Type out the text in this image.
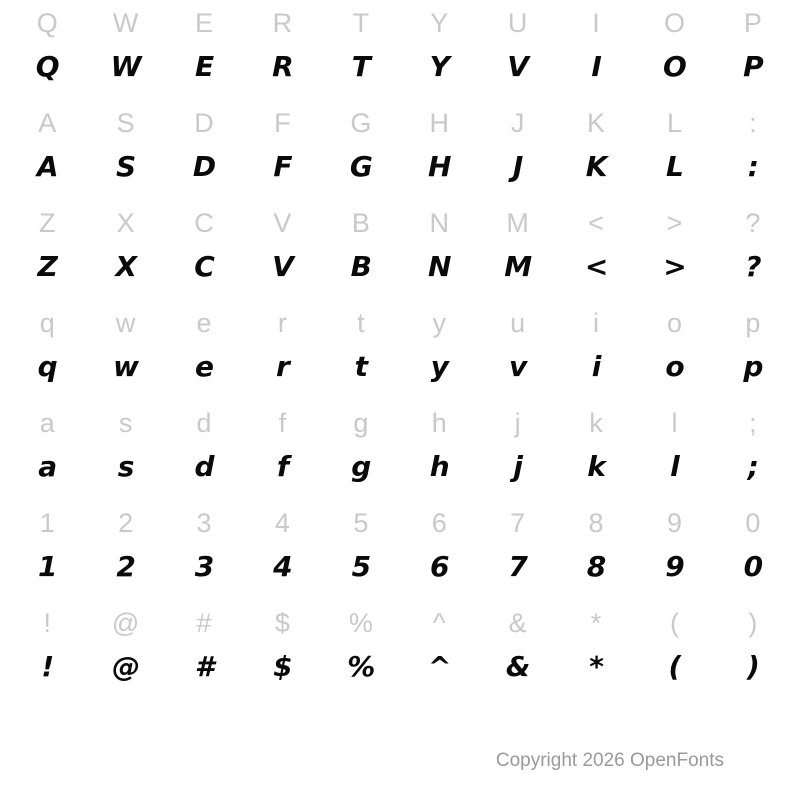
Q	W	E	R	T	Y	U	I	O	P
Q	W	E	R	T	Y	V	I	O	P
A	S	D	F	G	H	J	K	L	:
A	S	D	F	G	H	J	K	L	:
Z	X	C	V	B	N	M	<	>	?
Z	X	C	V	B	N	M	<	>	?
q	w	e	r	t	y	u	i	o	p
q	w	e	r	t	y	v	i	o	p
a	s	d	f	g	h	j	k	l	;
a	s	d	f	g	h	j	k	l	;
1	2	3	4	5	6	7	8	9	0
1	2	3	4	5	6	7	8	9	0
!	@	#	$	%	^	&	*	(	)
!	@	#	$	%	^	&	*	(	)
Copyright 2026 OpenFonts
